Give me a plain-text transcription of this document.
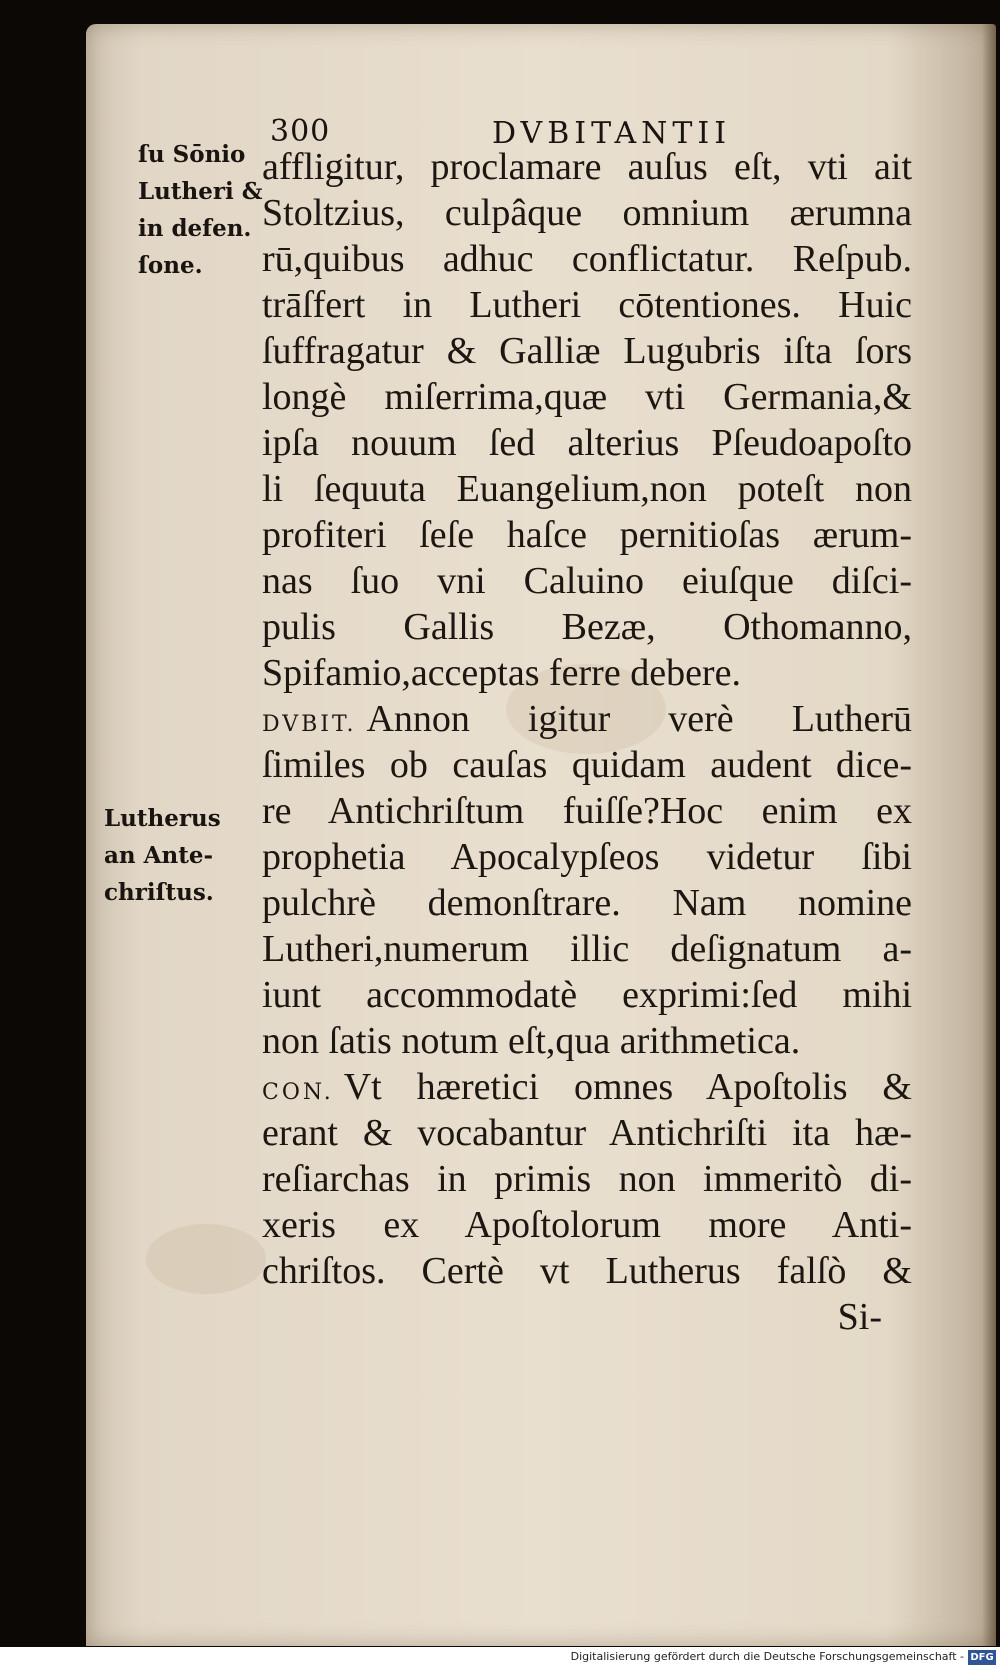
300	DVBITANTII
ſu Sōnio
Lutheri &
in defen.
ſone.
Lutherus
an Ante-
chriſtus.
affligitur, proclamare auſus eſt, vti ait
Stoltzius, culpâque omnium ærumna
rū,quibus adhuc conflictatur. Reſpub.
trāſfert in Lutheri cōtentiones. Huic
ſuffragatur & Galliæ Lugubris iſta ſors
longè miſerrima,quæ vti Germania,&
ipſa nouum ſed alterius Pſeudoapoſto
li ſequuta Euangelium,non poteſt non
profiteri ſeſe haſce pernitioſas ærum-
nas ſuo vni Caluino eiuſque diſci-
pulis Gallis Bezæ, Othomanno,
Spifamio,acceptas ferre debere.
DVBIT. Annon igitur verè Lutherū
ſimiles ob cauſas quidam audent dice-
re Antichriſtum fuiſſe?Hoc enim ex
prophetia Apocalypſeos videtur ſibi
pulchrè demonſtrare. Nam nomine
Lutheri,numerum illic deſignatum a-
iunt accommodatè exprimi:ſed mihi
non ſatis notum eſt,qua arithmetica.
CON. Vt hæretici omnes Apoſtolis &
erant & vocabantur Antichriſti ita hæ-
reſiarchas in primis non immeritò di-
xeris ex Apoſtolorum more Anti-
chriſtos. Certè vt Lutherus falſò &
Si-
Digitalisierung gefördert durch die Deutsche Forschungsgemeinschaft - DFG
